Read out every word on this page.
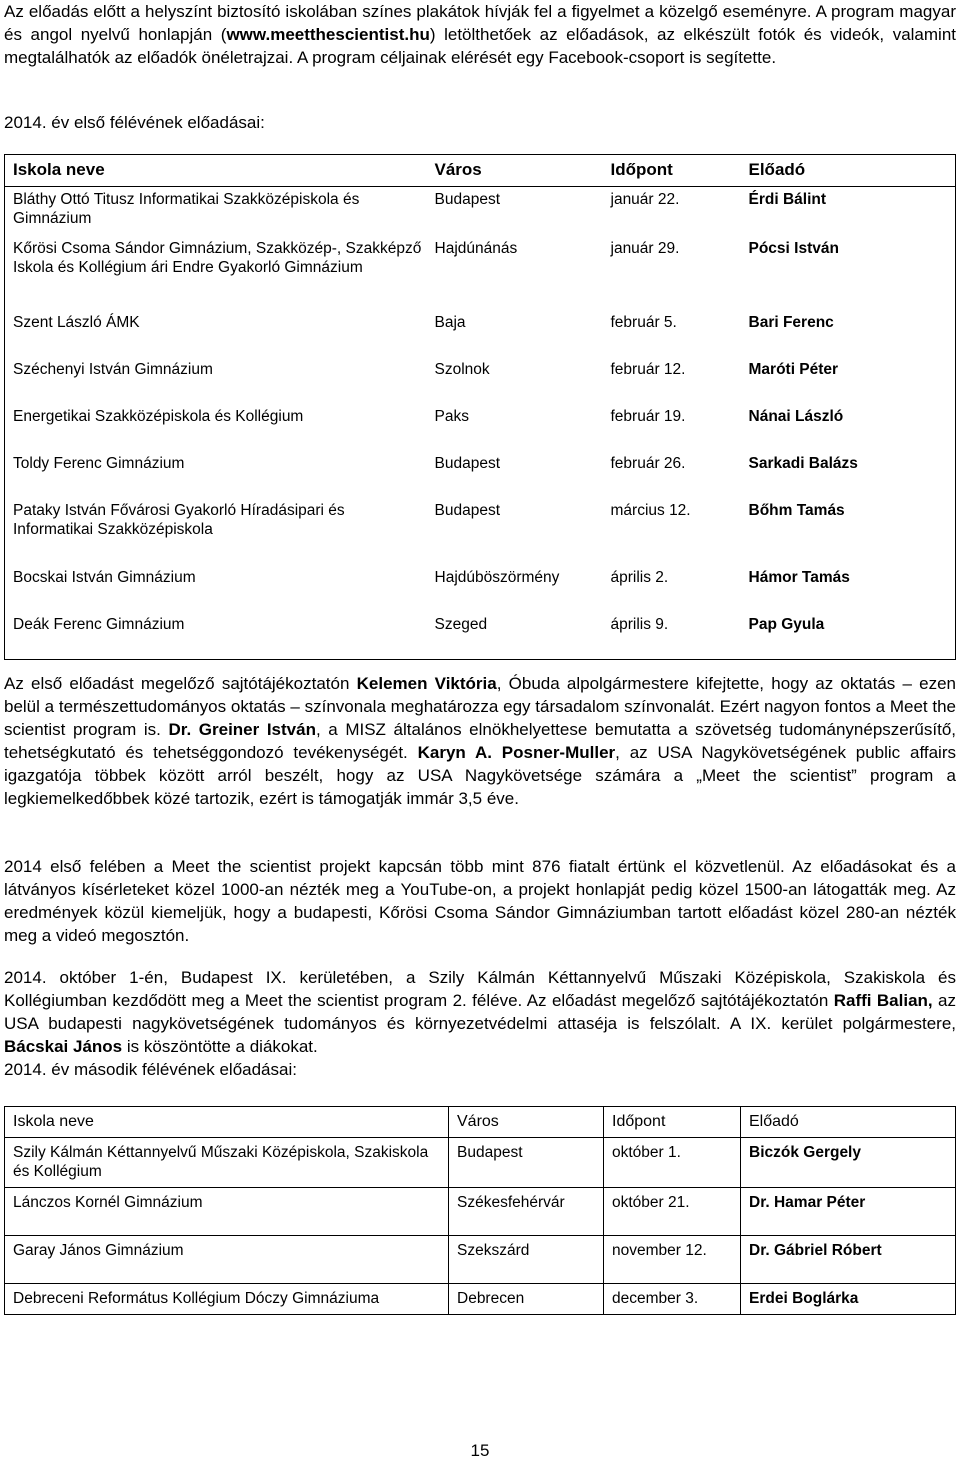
Az előadás előtt a helyszínt biztosító iskolában színes plakátok hívják fel a figyelmet a közelgő eseményre. A program magyar és angol nyelvű honlapján (www.meetthescientist.hu) letölthetőek az előadások, az elkészült fotók és videók, valamint megtalálhatók az előadók önéletrajzai. A program céljainak elérését egy Facebook-csoport is segítette.

2014. év első félévének előadásai:

Iskola neve	Város	Időpont	Előadó
Bláthy Ottó Titusz Informatikai Szakközépiskola és Gimnázium	Budapest	január 22.	Érdi Bálint
Kőrösi Csoma Sándor Gimnázium, Szakközép-, Szakképző Iskola és Kollégium ári Endre Gyakorló Gimnázium	Hajdúnánás	január 29.	Pócsi István
Szent László ÁMK	Baja	február 5.	Bari Ferenc
Széchenyi István Gimnázium	Szolnok	február 12.	Maróti Péter
Energetikai Szakközépiskola és Kollégium	Paks	február 19.	Nánai László
Toldy Ferenc Gimnázium	Budapest	február 26.	Sarkadi Balázs
Pataky István Fővárosi Gyakorló Híradásipari és Informatikai Szakközépiskola	Budapest	március 12.	Bőhm Tamás
Bocskai István Gimnázium	Hajdúböszörmény	április 2.	Hámor Tamás
Deák Ferenc Gimnázium	Szeged	április 9.	Pap Gyula
Az első előadást megelőző sajtótájékoztatón Kelemen Viktória, Óbuda alpolgármestere kifejtette, hogy az oktatás – ezen belül a természettudományos oktatás – színvonala meghatározza egy társadalom színvonalát. Ezért nagyon fontos a Meet the scientist program is. Dr. Greiner István, a MISZ általános elnökhelyettese bemutatta a szövetség tudománynépszerűsítő, tehetségkutató és tehetséggondozó tevékenységét. Karyn A. Posner-Muller, az USA Nagykövetségének public affairs igazgatója többek között arról beszélt, hogy az USA Nagykövetsége számára a „Meet the scientist” program a legkiemelkedőbbek közé tartozik, ezért is támogatják immár 3,5 éve.

2014 első felében a Meet the scientist projekt kapcsán több mint 876 fiatalt értünk el közvetlenül. Az előadásokat és a látványos kísérleteket közel 1000-an nézték meg a YouTube-on, a projekt honlapját pedig közel 1500-an látogatták meg. Az eredmények közül kiemeljük, hogy a budapesti, Kőrösi Csoma Sándor Gimnáziumban tartott előadást közel 280-an nézték meg a videó megosztón.

2014. október 1-én, Budapest IX. kerületében, a Szily Kálmán Kéttannyelvű Műszaki Középiskola, Szakiskola és Kollégiumban kezdődött meg a Meet the scientist program 2. féléve. Az előadást megelőző sajtótájékoztatón Raffi Balian, az USA budapesti nagykövetségének tudományos és környezetvédelmi attaséja is felszólalt. A IX. kerület polgármestere, Bácskai János is köszöntötte a diákokat.
2014. év második félévének előadásai:
Iskola neve	Város	Időpont	Előadó
Szily Kálmán Kéttannyelvű Műszaki Középiskola, Szakiskola és Kollégium	Budapest	október 1.	Biczók Gergely
Lánczos Kornél Gimnázium	Székesfehérvár	október 21.	Dr. Hamar Péter
Garay János Gimnázium	Szekszárd	november 12.	Dr. Gábriel Róbert
Debreceni Református Kollégium Dóczy Gimnáziuma	Debrecen	december 3.	Erdei Boglárka

15
